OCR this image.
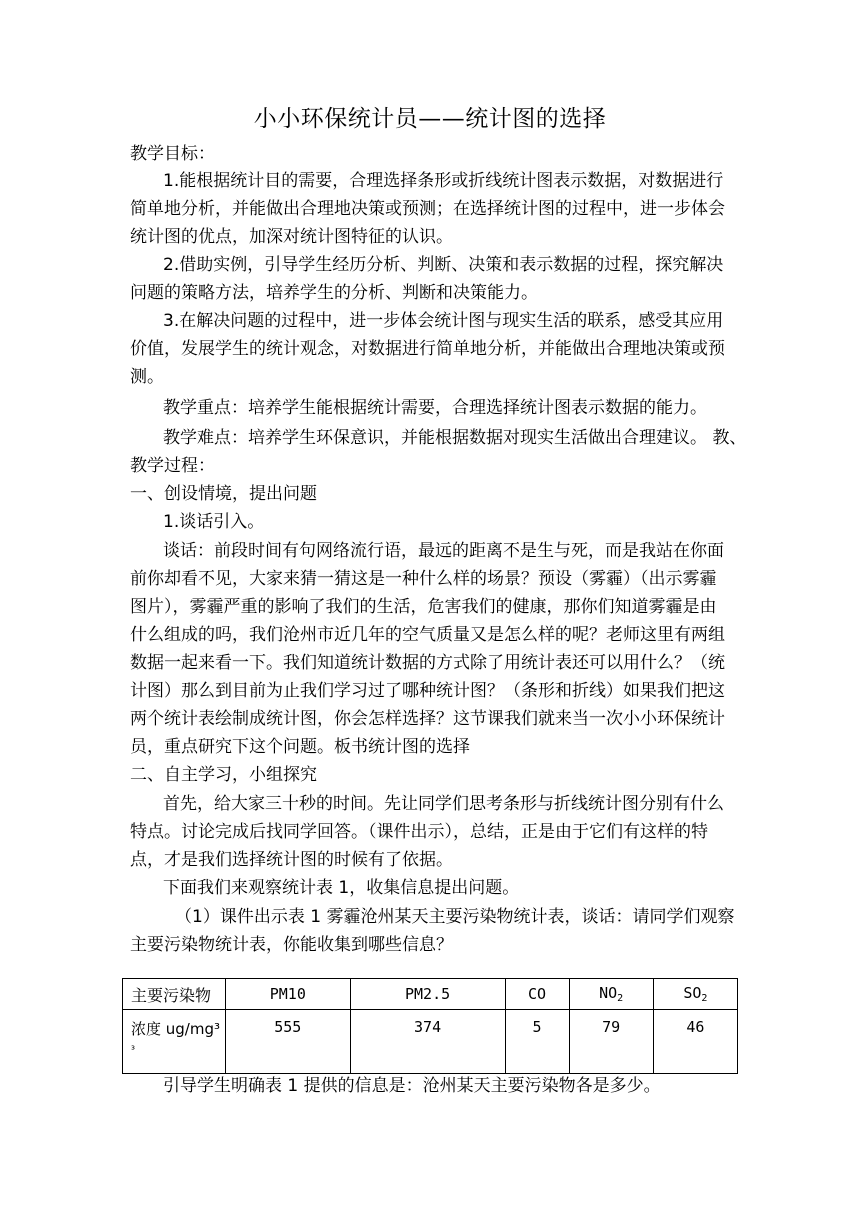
小小环保统计员——统计图的选择
教学目标：
1.能根据统计目的需要，合理选择条形或折线统计图表示数据，对数据进行
简单地分析，并能做出合理地决策或预测；在选择统计图的过程中，进一步体会
统计图的优点，加深对统计图特征的认识。
2.借助实例，引导学生经历分析、判断、决策和表示数据的过程，探究解决
问题的策略方法，培养学生的分析、判断和决策能力。
3.在解决问题的过程中，进一步体会统计图与现实生活的联系，感受其应用
价值，发展学生的统计观念，对数据进行简单地分析，并能做出合理地决策或预
测。
教学重点：培养学生能根据统计需要，合理选择统计图表示数据的能力。
教学难点：培养学生环保意识，并能根据数据对现实生活做出合理建议。 教、
教学过程：
一、创设情境，提出问题
1.谈话引入。
谈话：前段时间有句网络流行语，最远的距离不是生与死，而是我站在你面
前你却看不见，大家来猜一猜这是一种什么样的场景？预设（雾霾）（出示雾霾
图片），雾霾严重的影响了我们的生活，危害我们的健康，那你们知道雾霾是由
什么组成的吗，我们沧州市近几年的空气质量又是怎么样的呢？老师这里有两组
数据一起来看一下。我们知道统计数据的方式除了用统计表还可以用什么？（统
计图）那么到目前为止我们学习过了哪种统计图？（条形和折线）如果我们把这
两个统计表绘制成统计图，你会怎样选择？这节课我们就来当一次小小环保统计
员，重点研究下这个问题。板书统计图的选择
二、自主学习，小组探究
首先，给大家三十秒的时间。先让同学们思考条形与折线统计图分别有什么
特点。讨论完成后找同学回答。（课件出示），总结，正是由于它们有这样的特
点，才是我们选择统计图的时候有了依据。
下面我们来观察统计表 1，收集信息提出问题。
（1）课件出示表 1 雾霾沧州某天主要污染物统计表，谈话：请同学们观察
主要污染物统计表，你能收集到哪些信息？
主要污染物	PM10	PM2.5	CO	$NO_2$	$SO_2$

浓度 ug/mg³
³	555	374	5	79	46
引导学生明确表 1 提供的信息是：沧州某天主要污染物各是多少。
